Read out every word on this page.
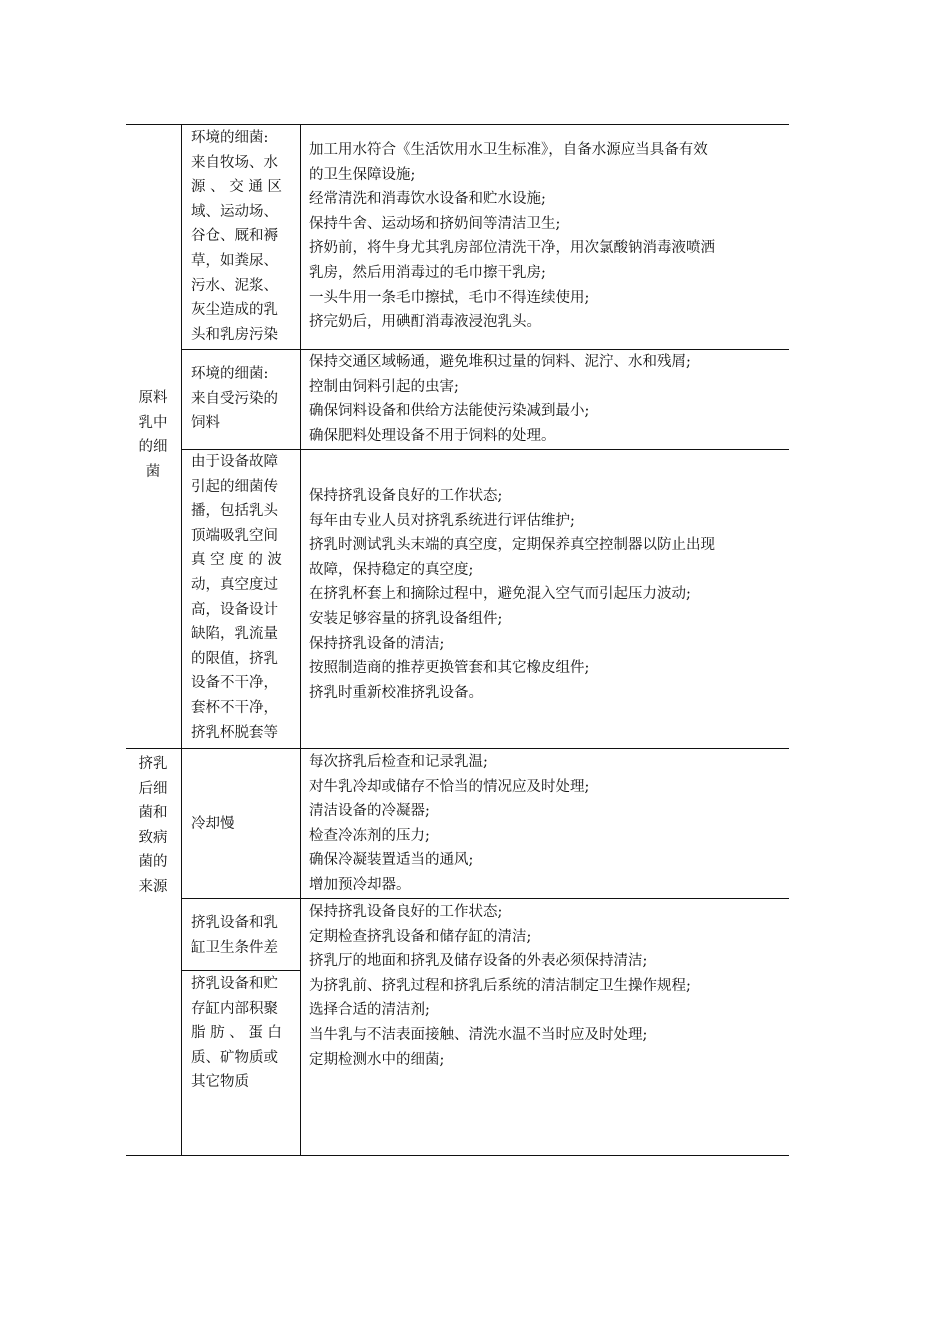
原料
乳中
的细
菌
挤乳
后细
菌和
致病
菌的
来源
环境的细菌:
来自牧场、水
源 、 交 通 区
域、运动场、
谷仓、厩和褥
草，如粪尿、
污水、泥浆、
灰尘造成的乳
头和乳房污染
加工用水符合《生活饮用水卫生标准》，自备水源应当具备有效
的卫生保障设施;
经常清洗和消毒饮水设备和贮水设施;
保持牛舍、运动场和挤奶间等清洁卫生;
挤奶前，将牛身尤其乳房部位清洗干净，用次氯酸钠消毒液喷洒
乳房，然后用消毒过的毛巾擦干乳房;
一头牛用一条毛巾擦拭，毛巾不得连续使用;
挤完奶后，用碘酊消毒液浸泡乳头。
环境的细菌:
来自受污染的
饲料
保持交通区域畅通，避免堆积过量的饲料、泥泞、水和残屑;
控制由饲料引起的虫害;
确保饲料设备和供给方法能使污染减到最小;
确保肥料处理设备不用于饲料的处理。
由于设备故障
引起的细菌传
播，包括乳头
顶端吸乳空间
真 空 度 的 波
动，真空度过
高，设备设计
缺陷，乳流量
的限值，挤乳
设备不干净，
套杯不干净，
挤乳杯脱套等
保持挤乳设备良好的工作状态;
每年由专业人员对挤乳系统进行评估维护;
挤乳时测试乳头末端的真空度，定期保养真空控制器以防止出现
故障，保持稳定的真空度;
在挤乳杯套上和摘除过程中，避免混入空气而引起压力波动;
安装足够容量的挤乳设备组件;
保持挤乳设备的清洁;
按照制造商的推荐更换管套和其它橡皮组件;
挤乳时重新校准挤乳设备。
冷却慢
每次挤乳后检查和记录乳温;
对牛乳冷却或储存不恰当的情况应及时处理;
清洁设备的冷凝器;
检查冷冻剂的压力;
确保冷凝装置适当的通风;
增加预冷却器。
挤乳设备和乳
缸卫生条件差
挤乳设备和贮
存缸内部积聚
脂 肪 、 蛋 白
质、矿物质或
其它物质
保持挤乳设备良好的工作状态;
定期检查挤乳设备和储存缸的清洁;
挤乳厅的地面和挤乳及储存设备的外表必须保持清洁;
为挤乳前、挤乳过程和挤乳后系统的清洁制定卫生操作规程;
选择合适的清洁剂;
当牛乳与不洁表面接触、清洗水温不当时应及时处理;
定期检测水中的细菌;
